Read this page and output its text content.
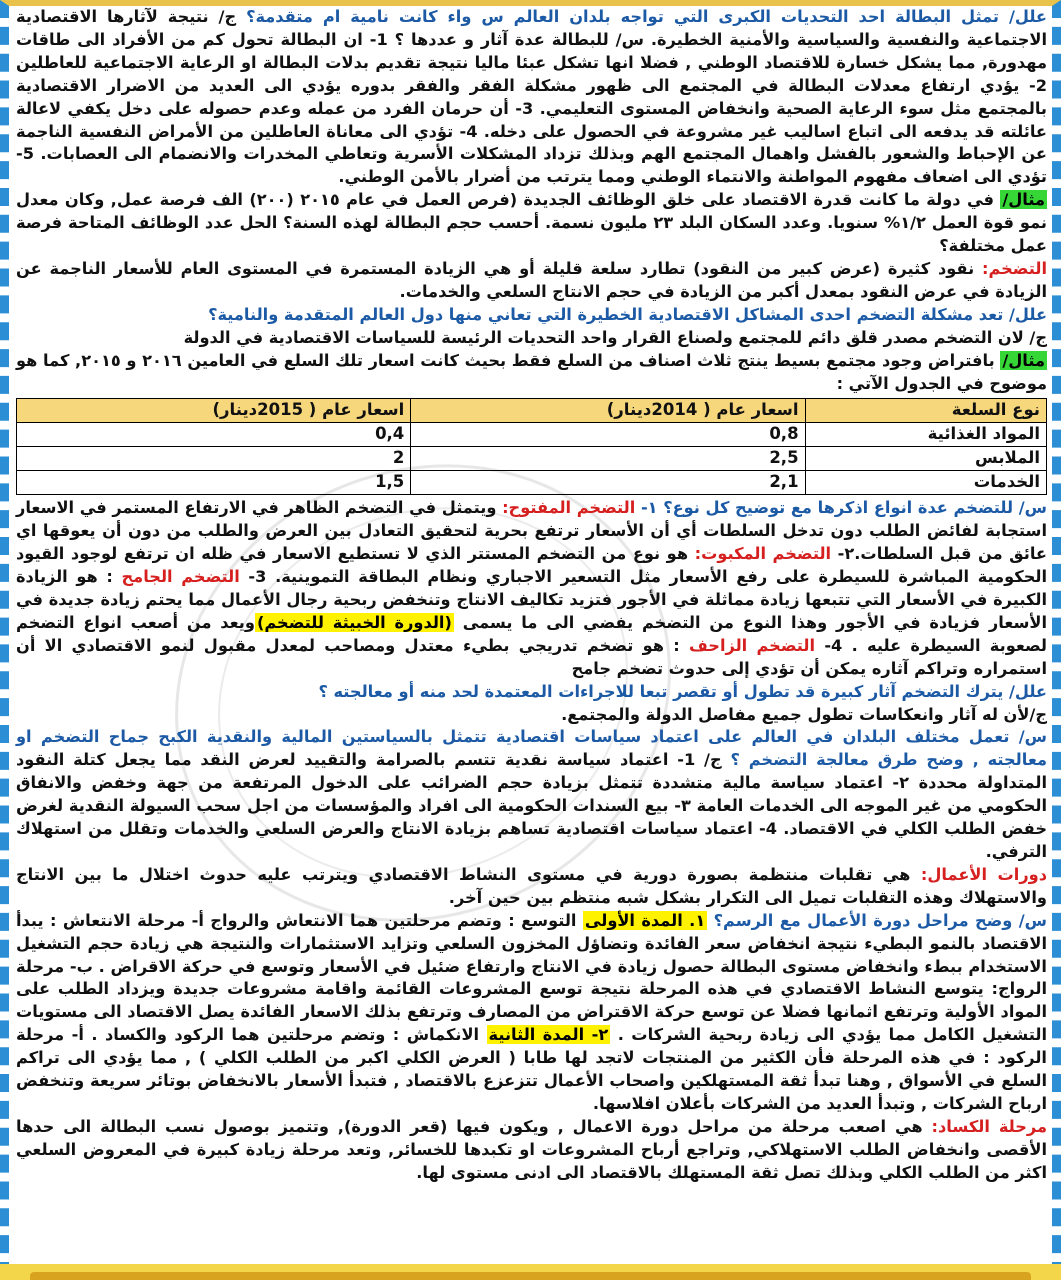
علل/ تمثل البطالة احد التحديات الكبرى التي تواجه بلدان العالم س واء كانت نامية ام متقدمة؟ ج/ نتيجة لآثارها الاقتصادية الاجتماعية والنفسية والسياسية والأمنية الخطيرة. س/ للبطالة عدة آثار و عددها ؟ 1- ان البطالة تحول كم من الأفراد الى طاقات مهدورة, مما يشكل خسارة للاقتصاد الوطني , فضلا انها تشكل عبئا ماليا نتيجة تقديم بدلات البطالة او الرعاية الاجتماعية للعاطلين 2- يؤدي ارتفاع معدلات البطالة في المجتمع الى ظهور مشكلة الفقر والفقر بدوره يؤدي الى العديد من الاضرار الاقتصادية بالمجتمع مثل سوء الرعاية الصحية وانخفاض المستوى التعليمي. 3- أن حرمان الفرد من عمله وعدم حصوله على دخل يكفي لاعالة عائلته قد يدفعه الى اتباع اساليب غير مشروعة في الحصول على دخله. 4- تؤدي الى معاناة العاطلين من الأمراض النفسية الناجمة عن الإحباط والشعور بالفشل واهمال المجتمع الهم وبذلك تزداد المشكلات الأسرية وتعاطي المخدرات والانضمام الى العصابات. 5- تؤدي الى اضعاف مفهوم المواطنة والانتماء الوطني ومما يترتب من أضرار بالأمن الوطني.

مثال/ في دولة ما كانت قدرة الاقتصاد على خلق الوظائف الجديدة (فرص العمل في عام ٢٠١٥ (٢٠٠) الف فرصة عمل, وكان معدل نمو قوة العمل ١/٢% سنويا. وعدد السكان البلد ٢٣ مليون نسمة. أحسب حجم البطالة لهذه السنة؟ الحل عدد الوظائف المتاحة فرصة عمل مختلفة؟

التضخم: نقود كثيرة (عرض كبير من النقود) تطارد سلعة قليلة أو هي الزيادة المستمرة في المستوى العام للأسعار الناجمة عن الزيادة في عرض النقود بمعدل أكبر من الزيادة في حجم الانتاج السلعي والخدمات.

علل/ تعد مشكلة التضخم احدى المشاكل الاقتصادية الخطيرة التي تعاني منها دول العالم المتقدمة والنامية؟

ج/ لان التضخم مصدر قلق دائم للمجتمع ولصناع القرار واحد التحديات الرئيسة للسياسات الاقتصادية في الدولة

مثال/ بافتراض وجود مجتمع بسيط ينتج ثلاث اصناف من السلع فقط بحيث كانت اسعار تلك السلع في العامين ٢٠١٦ و ٢٠١٥, كما هو موضوح في الجدول الآتي :

نوع السلعة	اسعار عام ( 2014دينار)	اسعار عام ( 2015دينار)
المواد الغذائية	0,8	0,4
الملابس	2,5	2
الخدمات	2,1	1,5

س/ للتضخم عدة انواع اذكرها مع توضيح كل نوع؟ ١- التضخم المفتوح: ويتمثل في التضخم الظاهر في الارتفاع المستمر في الاسعار استجابة لفائض الطلب دون تدخل السلطات أي أن الأسعار ترتفع بحرية لتحقيق التعادل بين العرض والطلب من دون أن يعوقها اي عائق من قبل السلطات.٢- التضخم المكبوت: هو نوع من التضخم المستتر الذي لا تستطيع الاسعار في ظله ان ترتفع لوجود القيود الحكومية المباشرة للسيطرة على رفع الأسعار مثل التسعير الاجباري ونظام البطاقة التموينية. 3- التضخم الجامح : هو الزيادة الكبيرة في الأسعار التي تتبعها زيادة مماثلة في الأجور فتزيد تكاليف الانتاج وتنخفض ربحية رجال الأعمال مما يحتم زيادة جديدة في الأسعار فزيادة في الأجور وهذا النوع من التضخم يفضي الى ما يسمى (الدورة الخبيثة للتضخم)ويعد من أصعب انواع التضخم لصعوبة السيطرة عليه . 4- التضخم الزاحف : هو تضخم تدريجي بطيء معتدل ومصاحب لمعدل مقبول لنمو الاقتصادي الا أن استمراره وتراكم آثاره يمكن أن تؤدي إلى حدوث تضخم جامح

علل/ يترك التضخم آثار كبيرة قد تطول أو تقصر تبعا للاجراءات المعتمدة لحد منه أو معالجته ؟

ج/لأن له آثار وانعكاسات تطول جميع مفاصل الدولة والمجتمع.

س/ تعمل مختلف البلدان في العالم على اعتماد سياسات اقتصادية تتمثل بالسياستين المالية والنقدية الكبح جماح التضخم او معالجته , وضح طرق معالجة التضخم ؟ ج/ 1- اعتماد سياسة نقدية تتسم بالصرامة والتقييد لعرض النقد مما يجعل كتلة النقود المتداولة محددة ٢- اعتماد سياسة مالية متشددة تتمثل بزيادة حجم الضرائب على الدخول المرتفعة من جهة وخفض والانفاق الحكومي من غير الموجه الى الخدمات العامة ٣- بيع السندات الحكومية الى افراد والمؤسسات من اجل سحب السيولة النقدية لغرض خفض الطلب الكلي في الاقتصاد. 4- اعتماد سياسات اقتصادية تساهم بزيادة الانتاج والعرض السلعي والخدمات وتقلل من استهلاك الترفي.

دورات الأعمال: هي تقلبات منتظمة بصورة دورية في مستوى النشاط الاقتصادي ويترتب عليه حدوث اختلال ما بين الانتاج والاستهلاك وهذه التقلبات تميل الى التكرار بشكل شبه منتظم بين حين آخر.

س/ وضح مراحل دورة الأعمال مع الرسم؟ ١. المدة الأولى التوسع : وتضم مرحلتين هما الانتعاش والرواج أ- مرحلة الانتعاش : يبدأ الاقتصاد بالنمو البطيء نتيجة انخفاض سعر الفائدة وتضاؤل المخزون السلعي وتزايد الاستثمارات والنتيجة هي زيادة حجم التشغيل الاستخدام ببطء وانخفاض مستوى البطالة حصول زيادة في الانتاج وارتفاع ضئيل في الأسعار وتوسع في حركة الاقراض . ب- مرحلة الرواج: يتوسع النشاط الاقتصادي في هذه المرحلة نتيجة توسع المشروعات القائمة واقامة مشروعات جديدة ويزداد الطلب على المواد الأولية وترتفع اثمانها فضلا عن توسع حركة الاقتراض من المصارف وترتفع بذلك الاسعار الفائدة يصل الاقتصاد الى مستويات التشغيل الكامل مما يؤدي الى زيادة ربحية الشركات . ٢- المدة الثانية الانكماش : وتضم مرحلتين هما الركود والكساد . أ- مرحلة الركود : في هذه المرحلة فأن الكثير من المنتجات لاتجد لها طابا ( العرض الكلي اكبر من الطلب الكلي ) , مما يؤدي الى تراكم السلع في الأسواق , وهنا تبدأ ثقة المستهلكين واصحاب الأعمال تتزعزع بالاقتصاد , فتبدأ الأسعار بالانخفاض بوتائر سريعة وتنخفض ارباح الشركات , وتبدأ العديد من الشركات بأعلان افلاسها.

مرحلة الكساد: هي اصعب مرحلة من مراحل دورة الاعمال , ويكون فيها (قعر الدورة), وتتميز بوصول نسب البطالة الى حدها الأقصى وانخفاض الطلب الاستهلاكي, وتراجع أرباح المشروعات او تكبدها للخسائر, وتعد مرحلة زيادة كبيرة في المعروض السلعي اكثر من الطلب الكلي وبذلك تصل ثقة المستهلك بالاقتصاد الى ادنى مستوى لها.
